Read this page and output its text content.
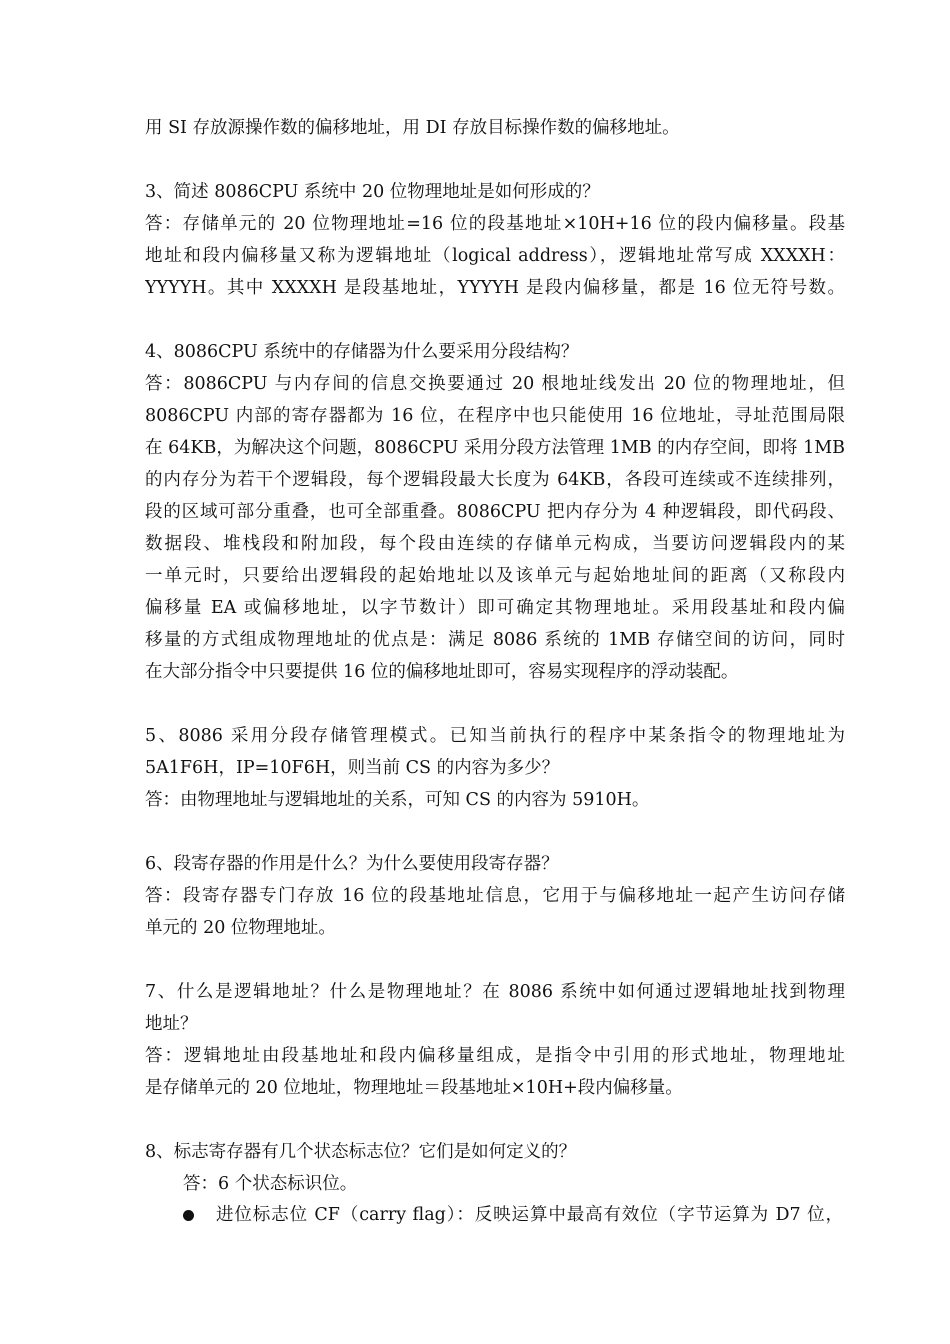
用 SI 存放源操作数的偏移地址，用 DI 存放目标操作数的偏移地址。
3、简述 8086CPU 系统中 20 位物理地址是如何形成的？
答：存储单元的 20 位物理地址=16 位的段基地址×10H+16 位的段内偏移量。段基
地址和段内偏移量又称为逻辑地址（logical address），逻辑地址常写成 XXXXH：
YYYYH。其中 XXXXH 是段基地址，YYYYH 是段内偏移量，都是 16 位无符号数。
4、8086CPU 系统中的存储器为什么要采用分段结构？
答：8086CPU 与内存间的信息交换要通过 20 根地址线发出 20 位的物理地址，但
8086CPU 内部的寄存器都为 16 位，在程序中也只能使用 16 位地址，寻址范围局限
在 64KB，为解决这个问题，8086CPU 采用分段方法管理 1MB 的内存空间，即将 1MB
的内存分为若干个逻辑段，每个逻辑段最大长度为 64KB，各段可连续或不连续排列，
段的区域可部分重叠，也可全部重叠。8086CPU 把内存分为 4 种逻辑段，即代码段、
数据段、堆栈段和附加段，每个段由连续的存储单元构成，当要访问逻辑段内的某
一单元时，只要给出逻辑段的起始地址以及该单元与起始地址间的距离（又称段内
偏移量 EA 或偏移地址，以字节数计）即可确定其物理地址。采用段基址和段内偏
移量的方式组成物理地址的优点是：满足 8086 系统的 1MB 存储空间的访问，同时
在大部分指令中只要提供 16 位的偏移地址即可，容易实现程序的浮动装配。
5、8086 采用分段存储管理模式。已知当前执行的程序中某条指令的物理地址为
5A1F6H，IP=10F6H，则当前 CS 的内容为多少？
答：由物理地址与逻辑地址的关系，可知 CS 的内容为 5910H。
6、段寄存器的作用是什么？为什么要使用段寄存器？
答：段寄存器专门存放 16 位的段基地址信息，它用于与偏移地址一起产生访问存储
单元的 20 位物理地址。
7、什么是逻辑地址？什么是物理地址？在 8086 系统中如何通过逻辑地址找到物理
地址？
答：逻辑地址由段基地址和段内偏移量组成，是指令中引用的形式地址，物理地址
是存储单元的 20 位地址，物理地址＝段基地址×10H+段内偏移量。
8、标志寄存器有几个状态标志位？它们是如何定义的？
答：6 个状态标识位。
进位标志位 CF（carry flag）：反映运算中最高有效位（字节运算为 D7 位，
